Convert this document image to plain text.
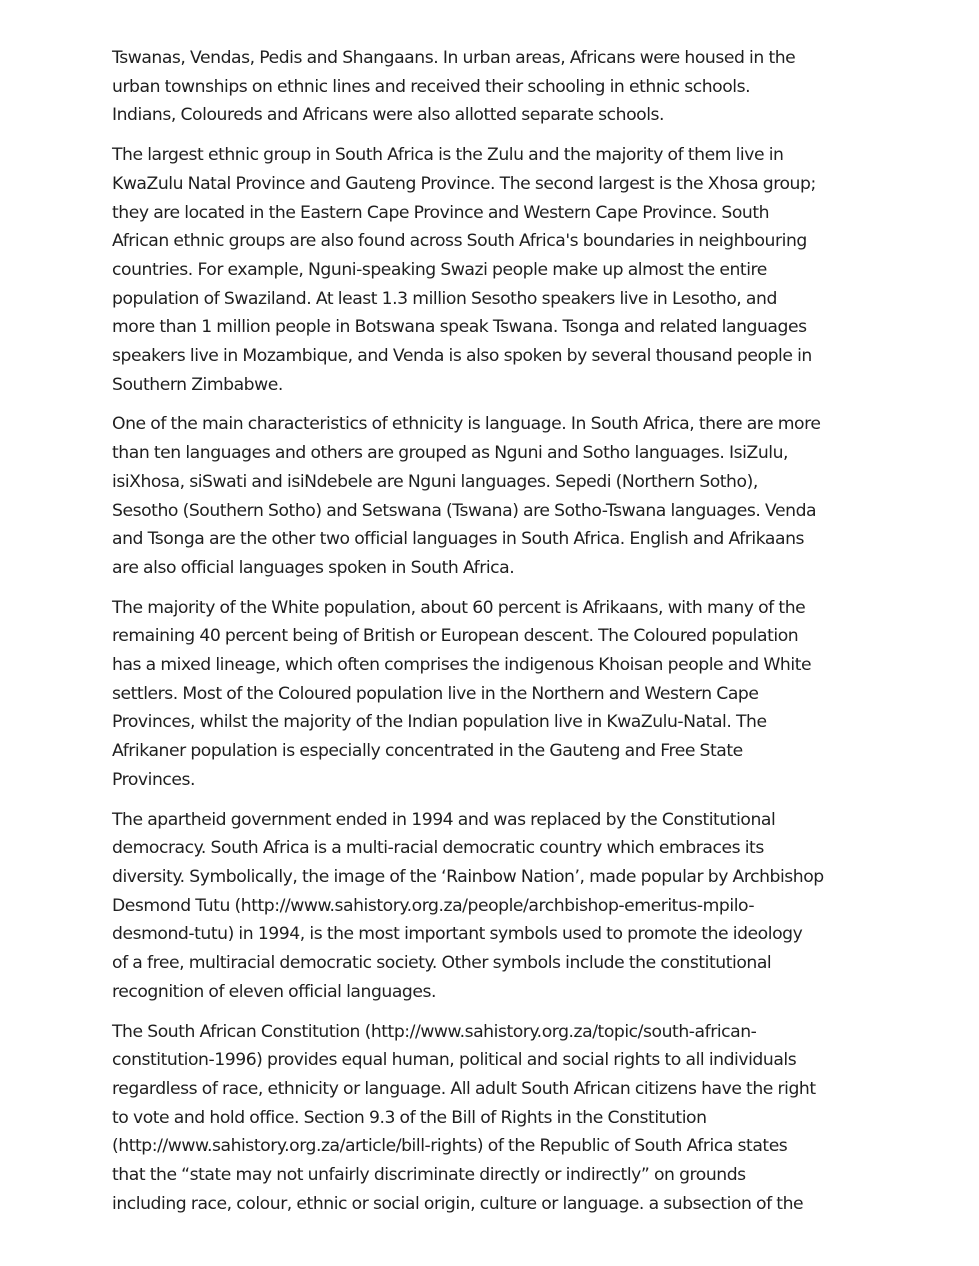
Tswanas, Vendas, Pedis and Shangaans. In urban areas, Africans were housed in the
urban townships on ethnic lines and received their schooling in ethnic schools.
Indians, Coloureds and Africans were also allotted separate schools.

The largest ethnic group in South Africa is the Zulu and the majority of them live in
KwaZulu Natal Province and Gauteng Province. The second largest is the Xhosa group;
they are located in the Eastern Cape Province and Western Cape Province. South
African ethnic groups are also found across South Africa's boundaries in neighbouring
countries. For example, Nguni-speaking Swazi people make up almost the entire
population of Swaziland. At least 1.3 million Sesotho speakers live in Lesotho, and
more than 1 million people in Botswana speak Tswana. Tsonga and related languages
speakers live in Mozambique, and Venda is also spoken by several thousand people in
Southern Zimbabwe.

One of the main characteristics of ethnicity is language. In South Africa, there are more
than ten languages and others are grouped as Nguni and Sotho languages. IsiZulu,
isiXhosa, siSwati and isiNdebele are Nguni languages. Sepedi (Northern Sotho),
Sesotho (Southern Sotho) and Setswana (Tswana) are Sotho-Tswana languages. Venda
and Tsonga are the other two official languages in South Africa. English and Afrikaans
are also official languages spoken in South Africa.

The majority of the White population, about 60 percent is Afrikaans, with many of the
remaining 40 percent being of British or European descent. The Coloured population
has a mixed lineage, which often comprises the indigenous Khoisan people and White
settlers. Most of the Coloured population live in the Northern and Western Cape
Provinces, whilst the majority of the Indian population live in KwaZulu-Natal. The
Afrikaner population is especially concentrated in the Gauteng and Free State
Provinces.

The apartheid government ended in 1994 and was replaced by the Constitutional
democracy. South Africa is a multi-racial democratic country which embraces its
diversity. Symbolically, the image of the ‘Rainbow Nation’, made popular by Archbishop
Desmond Tutu (http://www.sahistory.org.za/people/archbishop-emeritus-mpilo-
desmond-tutu) in 1994, is the most important symbols used to promote the ideology
of a free, multiracial democratic society. Other symbols include the constitutional
recognition of eleven official languages.

The South African Constitution (http://www.sahistory.org.za/topic/south-african-
constitution-1996) provides equal human, political and social rights to all individuals
regardless of race, ethnicity or language. All adult South African citizens have the right
to vote and hold office. Section 9.3 of the Bill of Rights in the Constitution
(http://www.sahistory.org.za/article/bill-rights) of the Republic of South Africa states
that the “state may not unfairly discriminate directly or indirectly” on grounds
including race, colour, ethnic or social origin, culture or language. a subsection of the
